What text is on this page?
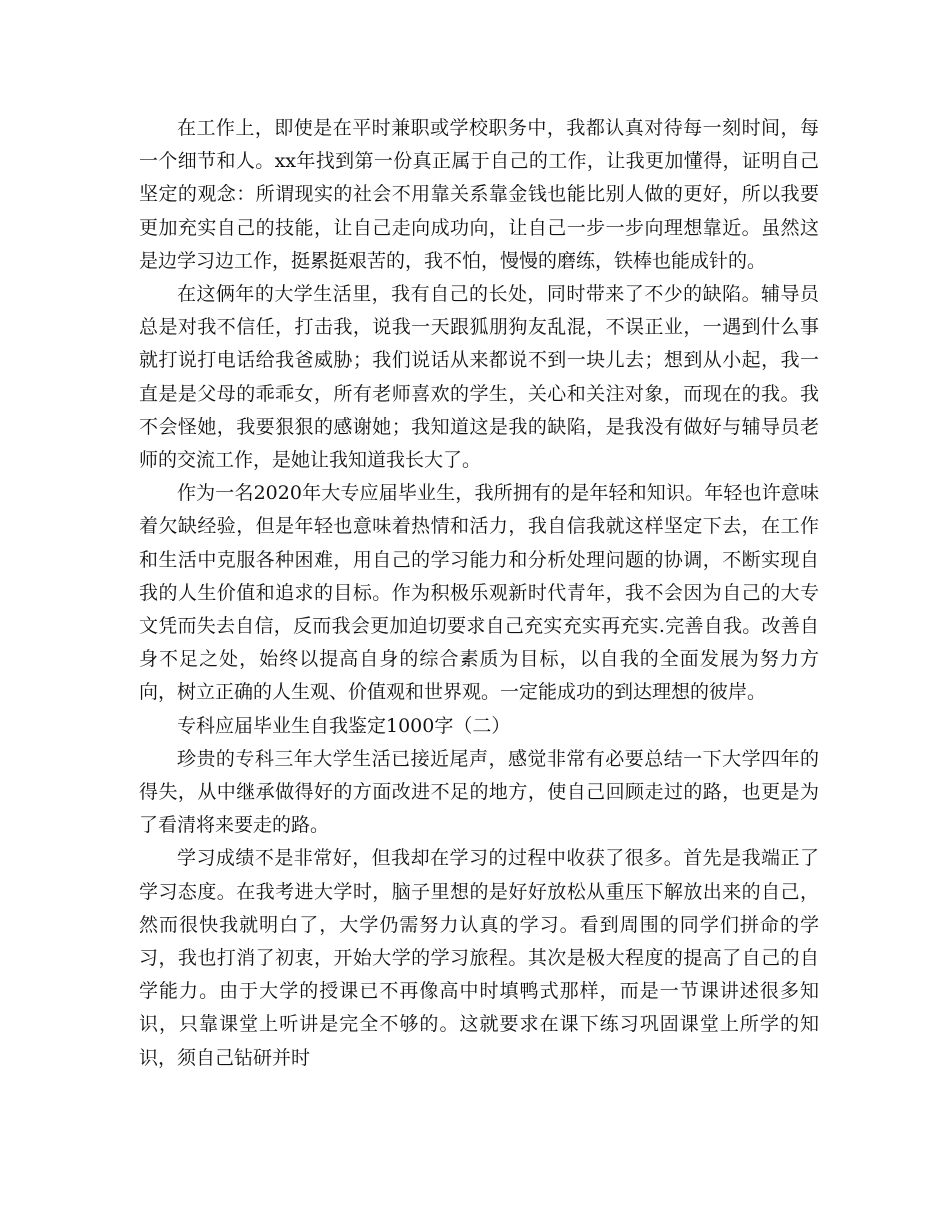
在工作上，即使是在平时兼职或学校职务中，我都认真对待每一刻时间，每一个细节和人。xx年找到第一份真正属于自己的工作，让我更加懂得，证明自己坚定的观念：所谓现实的社会不用靠关系靠金钱也能比别人做的更好，所以我要更加充实自己的技能，让自己走向成功向，让自己一步一步向理想靠近。虽然这是边学习边工作，挺累挺艰苦的，我不怕，慢慢的磨练，铁棒也能成针的。

在这俩年的大学生活里，我有自己的长处，同时带来了不少的缺陷。辅导员总是对我不信任，打击我，说我一天跟狐朋狗友乱混，不误正业，一遇到什么事就打说打电话给我爸威胁；我们说话从来都说不到一块儿去；想到从小起，我一直是是父母的乖乖女，所有老师喜欢的学生，关心和关注对象，而现在的我。我不会怪她，我要狠狠的感谢她；我知道这是我的缺陷，是我没有做好与辅导员老师的交流工作，是她让我知道我长大了。

作为一名2020年大专应届毕业生，我所拥有的是年轻和知识。年轻也许意味着欠缺经验，但是年轻也意味着热情和活力，我自信我就这样坚定下去，在工作和生活中克服各种困难，用自己的学习能力和分析处理问题的协调，不断实现自我的人生价值和追求的目标。作为积极乐观新时代青年，我不会因为自己的大专文凭而失去自信，反而我会更加迫切要求自己充实充实再充实.完善自我。改善自身不足之处，始终以提高自身的综合素质为目标，以自我的全面发展为努力方向，树立正确的人生观、价值观和世界观。一定能成功的到达理想的彼岸。

专科应届毕业生自我鉴定1000字（二）

珍贵的专科三年大学生活已接近尾声，感觉非常有必要总结一下大学四年的得失，从中继承做得好的方面改进不足的地方，使自己回顾走过的路，也更是为了看清将来要走的路。

学习成绩不是非常好，但我却在学习的过程中收获了很多。首先是我端正了学习态度。在我考进大学时，脑子里想的是好好放松从重压下解放出来的自己，然而很快我就明白了，大学仍需努力认真的学习。看到周围的同学们拼命的学习，我也打消了初衷，开始大学的学习旅程。其次是极大程度的提高了自己的自学能力。由于大学的授课已不再像高中时填鸭式那样，而是一节课讲述很多知识，只靠课堂上听讲是完全不够的。这就要求在课下练习巩固课堂上所学的知识，须自己钻研并时
